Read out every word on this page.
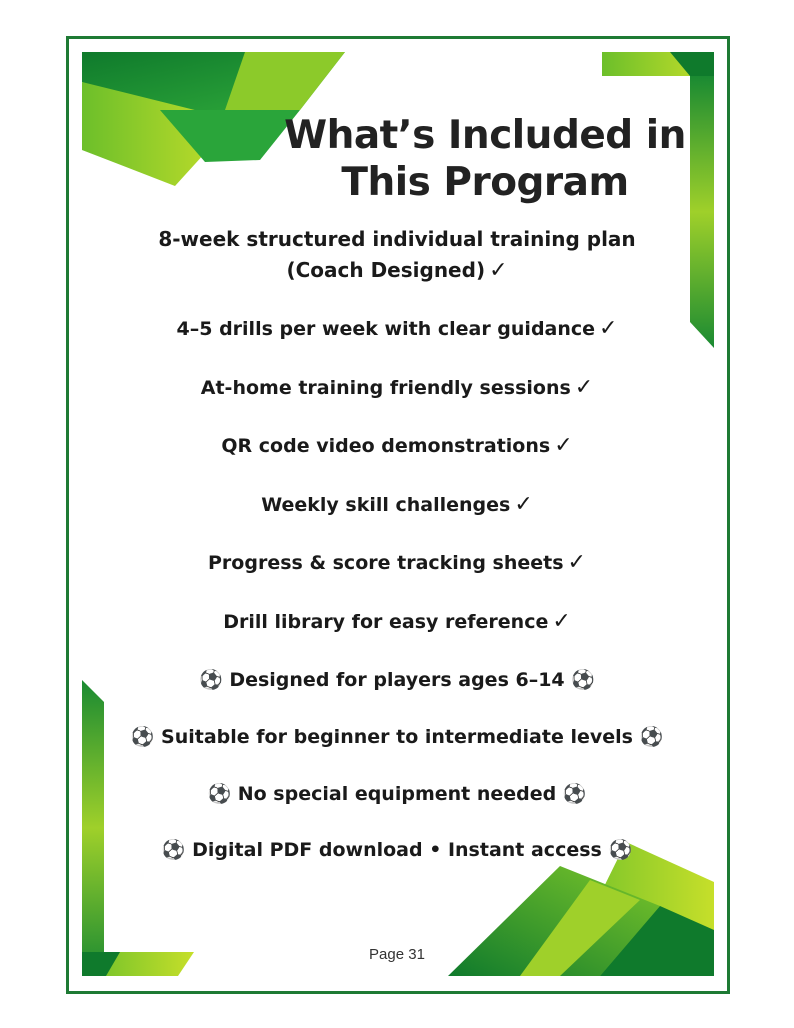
What’s Included in
This Program

8-week structured individual training plan
(Coach Designed) ✓

4–5 drills per week with clear guidance ✓

At-home training friendly sessions ✓

QR code video demonstrations ✓

Weekly skill challenges ✓

Progress & score tracking sheets ✓

Drill library for easy reference ✓

⚽ Designed for players ages 6–14 ⚽

⚽ Suitable for beginner to intermediate levels ⚽

⚽ No special equipment needed ⚽

⚽ Digital PDF download • Instant access ⚽

Page 31
